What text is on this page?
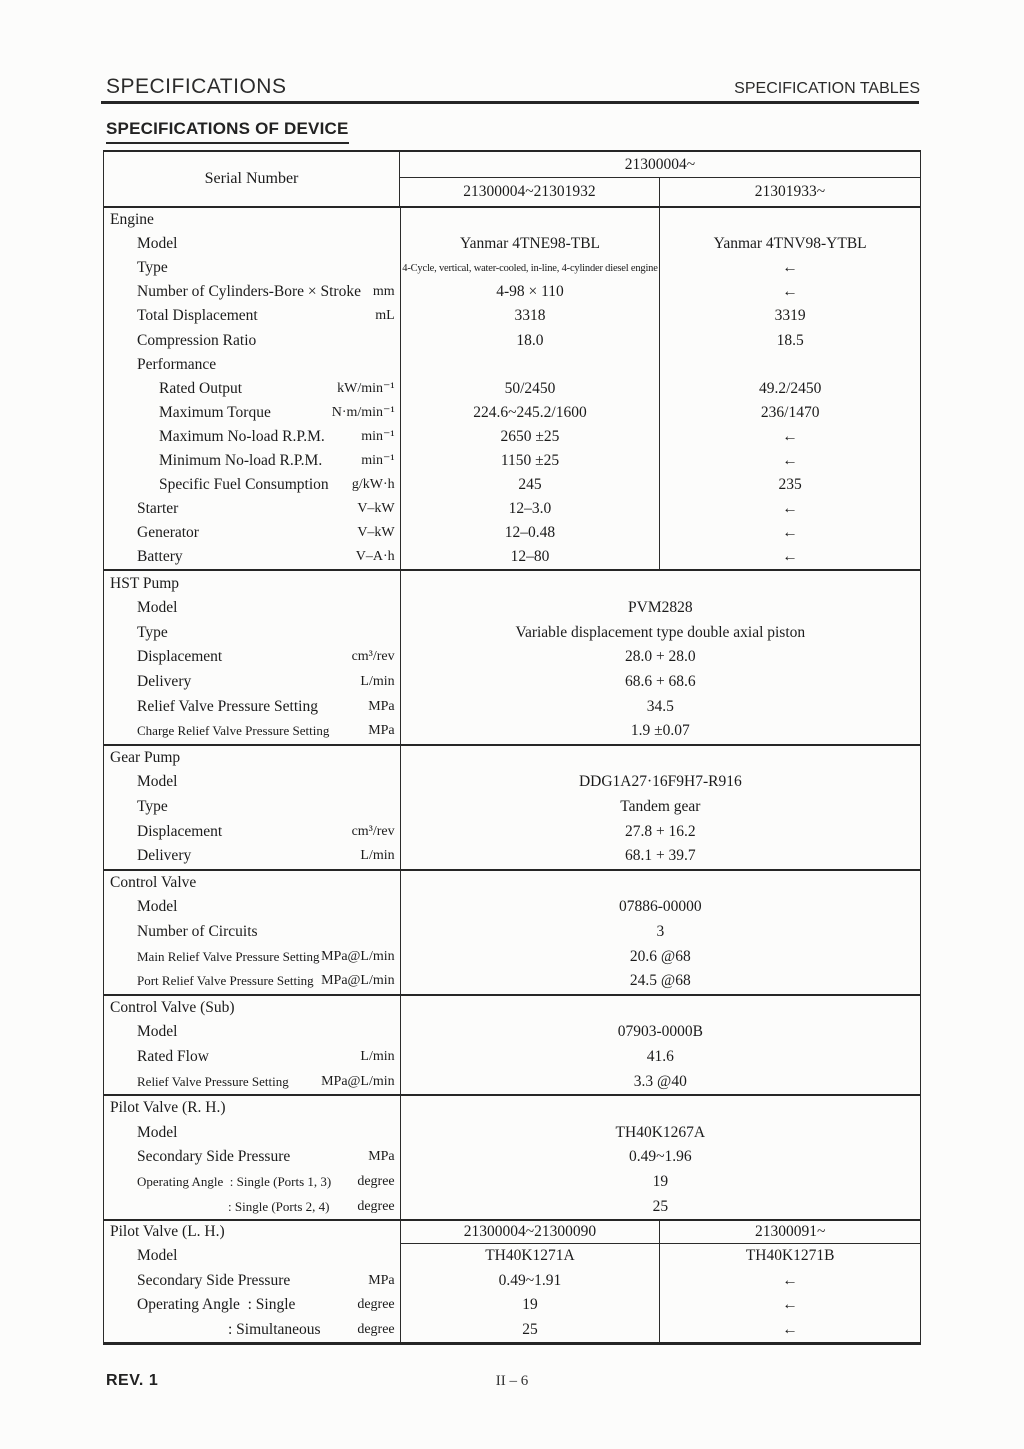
SPECIFICATIONS	SPECIFICATION TABLES
SPECIFICATIONS OF DEVICE
Serial Number
21300004~
21300004~21301932	21301933~
Engine
Model	Yanmar 4TNE98-TBL	Yanmar 4TNV98-YTBL
Type	4-Cycle, vertical, water-cooled, in-line, 4-cylinder diesel engine	←
Number of Cylinders-Bore × Stroke mm	4-98 × 110	←
Total Displacement	mL	3318	3319
Compression Ratio	18.0	18.5
Performance
Rated Output	kW/min⁻¹	50/2450	49.2/2450
Maximum Torque	N·m/min⁻¹	224.6~245.2/1600	236/1470
Maximum No-load R.P.M.	min⁻¹	2650 ±25	←
Minimum No-load R.P.M.	min⁻¹	1150 ±25	←
Specific Fuel Consumption g/kW·h	245	235
Starter	V–kW	12–3.0	←
Generator	V–kW	12–0.48	←
Battery	V–A·h	12–80	←
HST Pump
Model	PVM2828
Type	Variable displacement type double axial piston
Displacement	cm³/rev	28.0 + 28.0
Delivery	L/min	68.6 + 68.6
Relief Valve Pressure Setting	MPa	34.5
Charge Relief Valve Pressure Setting	MPa	1.9 ±0.07
Gear Pump
Model	DDG1A27·16F9H7-R916
Type	Tandem gear
Displacement	cm³/rev	27.8 + 16.2
Delivery	L/min	68.1 + 39.7
Control Valve
Model	07886-00000
Number of Circuits	3
Main Relief Valve Pressure Setting MPa@L/min	20.6 @68
Port Relief Valve Pressure Setting MPa@L/min	24.5 @68
Control Valve (Sub)
Model	07903-0000B
Rated Flow	L/min	41.6
Relief Valve Pressure Setting MPa@L/min	3.3 @40
Pilot Valve (R. H.)
Model	TH40K1267A
Secondary Side Pressure	MPa	0.49~1.96
Operating Angle  : Single (Ports 1, 3) degree	19
: Single (Ports 2, 4) degree	25
Pilot Valve (L. H.)	21300004~21300090	21300091~
Model	TH40K1271A	TH40K1271B
Secondary Side Pressure	MPa	0.49~1.91	←
Operating Angle  : Single	degree	19	←
: Simultaneous	degree	25	←
REV. 1	II – 6
